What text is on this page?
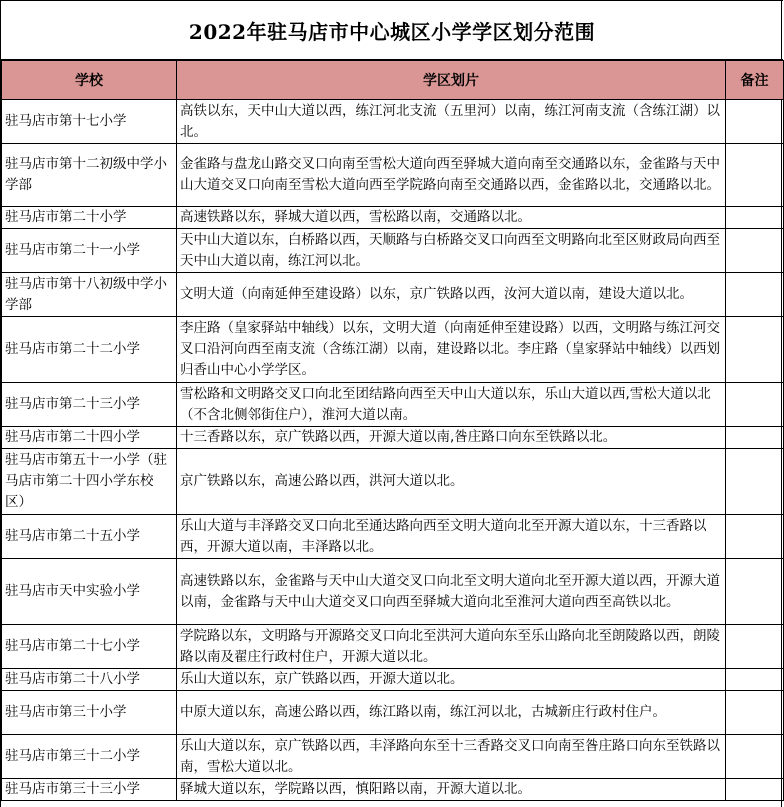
2022年驻马店市中心城区小学学区划分范围
学校	学区划片	备注
驻马店市第十七小学	高铁以东，天中山大道以西，练江河北支流（五里河）以南，练江河南支流（含练江湖）以北。	
驻马店市第十二初级中学小学部	金雀路与盘龙山路交叉口向南至雪松大道向西至驿城大道向南至交通路以东，金雀路与天中山大道交叉口向南至雪松大道向西至学院路向南至交通路以西，金雀路以北，交通路以北。	
驻马店市第二十小学	高速铁路以东，驿城大道以西，雪松路以南，交通路以北。	
驻马店市第二十一小学	天中山大道以东，白桥路以西，天顺路与白桥路交叉口向西至文明路向北至区财政局向西至天中山大道以南，练江河以北。	
驻马店市第十八初级中学小学部	文明大道（向南延伸至建设路）以东，京广铁路以西，汝河大道以南，建设大道以北。	
驻马店市第二十二小学	李庄路（皇家驿站中轴线）以东，文明大道（向南延伸至建设路）以西，文明路与练江河交叉口沿河向西至南支流（含练江湖）以南，建设路以北。李庄路（皇家驿站中轴线）以西划归香山中心小学学区。	
驻马店市第二十三小学	雪松路和文明路交叉口向北至团结路向西至天中山大道以东，乐山大道以西,雪松大道以北（不含北侧邻街住户），淮河大道以南。	
驻马店市第二十四小学	十三香路以东，京广铁路以西，开源大道以南,昝庄路口向东至铁路以北。	
驻马店市第五十一小学（驻马店市第二十四小学东校区）	京广铁路以东，高速公路以西，洪河大道以北。	
驻马店市第二十五小学	乐山大道与丰泽路交叉口向北至通达路向西至文明大道向北至开源大道以东，十三香路以西，开源大道以南，丰泽路以北。	
驻马店市天中实验小学	高速铁路以东，金雀路与天中山大道交叉口向北至文明大道向北至开源大道以西，开源大道以南，金雀路与天中山大道交叉口向西至驿城大道向北至淮河大道向西至高铁以北。	
驻马店市第二十七小学	学院路以东，文明路与开源路交叉口向北至洪河大道向东至乐山路向北至朗陵路以西，朗陵路以南及翟庄行政村住户，开源大道以北。	
驻马店市第二十八小学	乐山大道以东，京广铁路以西，开源大道以北。	
驻马店市第三十小学	中原大道以东，高速公路以西，练江路以南，练江河以北，古城新庄行政村住户。	
驻马店市第三十二小学	乐山大道以东，京广铁路以西，丰泽路向东至十三香路交叉口向南至昝庄路口向东至铁路以南，雪松大道以北。	
驻马店市第三十三小学	驿城大道以东，学院路以西，慎阳路以南，开源大道以北。	
